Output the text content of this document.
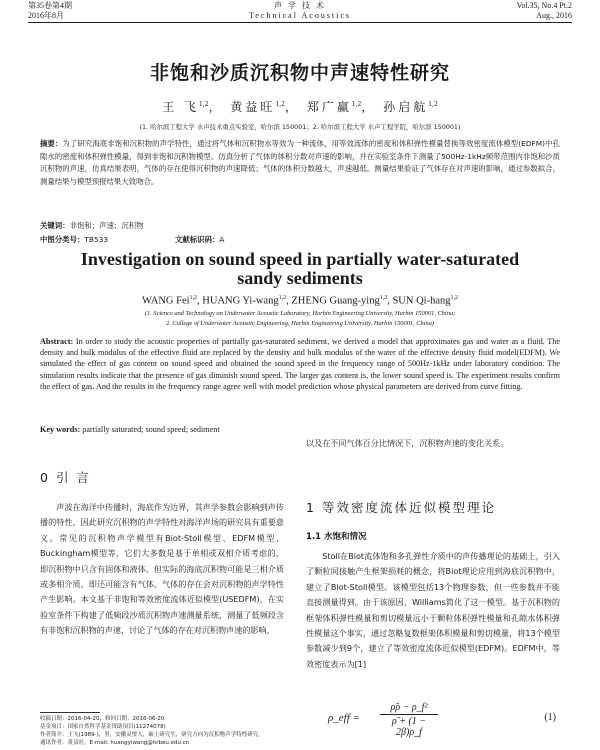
第35卷第4期
2016年8月
声 学 技 术
Technical Acoustics
Vol.35, No.4 Pt.2
Aug., 2016
非饱和沙质沉积物中声速特性研究
王 飞$^{1,2}$， 黄益旺$^{1,2}$， 郑广赢$^{1,2}$， 孙启航$^{1,2}$
(1. 哈尔滨工程大学 水声技术重点实验室，哈尔滨 150001；2. 哈尔滨工程大学 水声工程学院，哈尔滨 150001)
摘要：为了研究海底非饱和沉积物的声学特性，通过将气体和沉积物水等效为一种流体，用等效流体的密度和体积弹性模量替换等效密度流体模型(EDFM)中孔隙水的密度和体积弹性模量，得到非饱和沉积物模型。仿真分析了气体的体积分数对声速的影响，并在实验室条件下测量了500Hz-1kHz频带范围内非饱和沙质沉积物的声速，仿真结果表明，气体的存在使得沉积物的声速降低；气体的体积分数越大，声速越低。测量结果验证了气体存在对声速的影响，通过参数拟合，测量结果与模型预报结果大致吻合。
关键词：非饱和；声速；沉积物
中图分类号：TB533	文献标识码：A
Investigation on sound speed in partially water-saturated sandy sediments
WANG Fei$^{1,2}$, HUANG Yi-wang$^{1,2}$, ZHENG Guang-ying$^{1,2}$, SUN Qi-hang$^{1,2}$
(1. Science and Technology on Underwater Acoustic Laboratory, Harbin Engineering University, Harbin 150001, China;
2. College of Underwater Acoustic Engineering, Harbin Engineering University, Harbin 150001, China)
Abstract: In order to study the acoustic properties of partially gas-saturated sediment, we derived a model that approximates gas and water as a fluid. The density and bulk modulus of the effective fluid are replaced by the density and bulk modulus of the water of the effective density fluid model(EDFM). We simulated the effect of gas content on sound speed and obtained the sound speed in the frequency range of 500Hz-1kHz under laboratory condition. The simulation results indicate that the presence of gas diminish sound speed. The larger gas content is, the lower sound speed is. The experiment results confirm the effect of gas. And the results in the frequency range agree well with model prediction whose physical parameters are derived from curve fitting.
Key words: partially saturated; sound speed; sediment
0 引 言
声波在海洋中传播时，海底作为边界，其声学参数会影响到声传播的特性，因此研究沉积物的声学特性对海洋声场的研究具有重要意义。常见的沉积物声学模型有Biot-Stoll模型、EDFM模型、Buckingham模型等，它们大多数是基于单相或双相介质考虑的，即沉积物中只含有固体和液体。但实际的海底沉积物可能是三相介质或多相介质，即还可能含有气体，气体的存在会对沉积物的声学特性产生影响。本文基于非饱和等效密度流体近似模型(USEDFM)，在实验室条件下构建了低频段沙质沉积物声速测量系统，测量了低频段含有非饱和沉积物的声速，讨论了气体的存在对沉积物声速的影响，
以及在不同气体百分比情况下，沉积物声速的变化关系。
1 等效密度流体近似模型理论
1.1 水饱和情况
Stoll在Biot流体饱和多孔弹性介质中的声传播理论的基础上，引入了颗粒间接触产生框架损耗的概念，将Biot理论应用到海底沉积物中，建立了Biot-Stoll模型。该模型包括13个物理参数，但一些参数并不能直接测量得到。由于该原因，Williams简化了这一模型。基于沉积物的框架体积弹性模量和剪切模量远小于颗粒体积弹性模量和孔隙水体积弹性模量这个事实，通过忽略复数框架体积模量和剪切模量，将13个模型参数减少到9个，建立了等效密度流体近似模型(EDFM)。EDFM中，等效密度表示为[1]
收稿日期：2016-04-20；修回日期：2016-06-20
基金项目：国家自然科学基金资助项目(11274078)
作者简介：王飞(1989-)，男，安徽灵璧人，硕士研究生，研究方向为沉积物声学特性研究。
通讯作者：黄益旺，E-mail: huangyiwang@hrbeu.edu.cn
ρ_eff = $\frac{\text{ρ̃ρ − ρ\_f²}}{\rhõ + (1 - 2\beta)\rho\_f}$	(1)
